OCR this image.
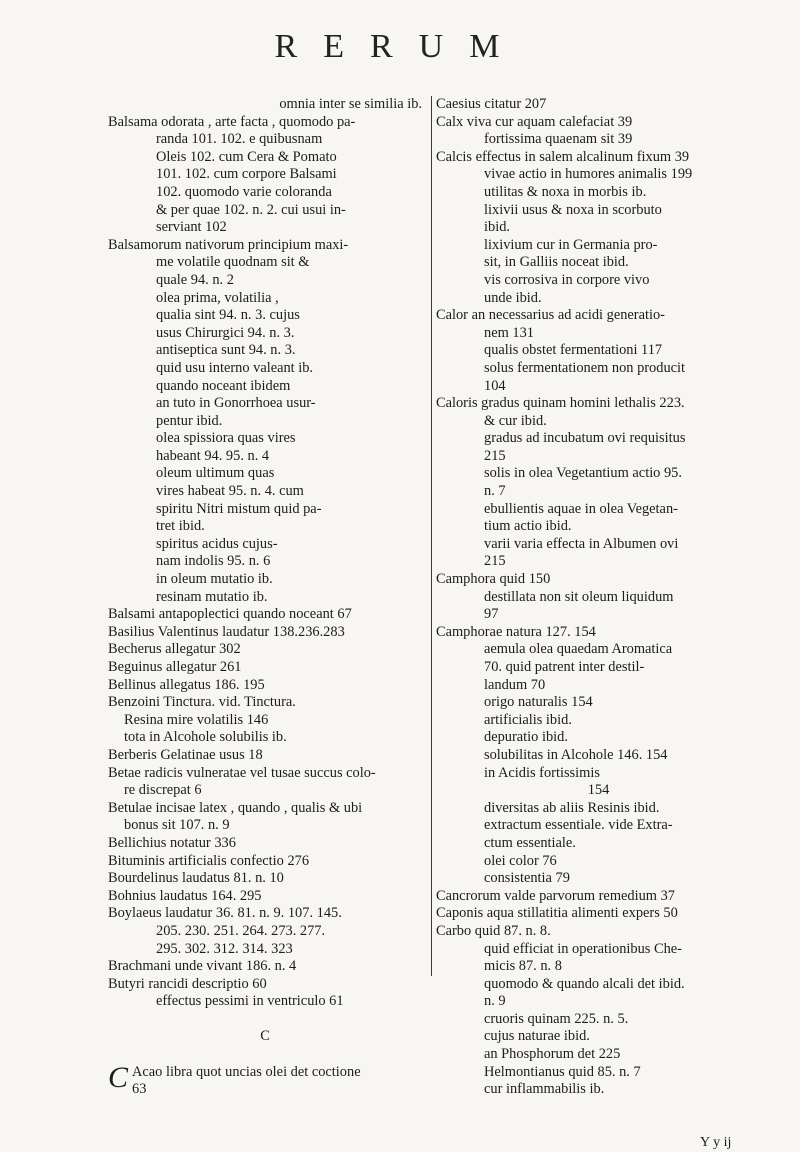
RERUM
omnia inter se similia ib.
Balsama odorata , arte facta , quomodo pa-
randa 101. 102. e quibusnam
Oleis 102. cum Cera & Pomato
101. 102. cum corpore Balsami
102. quomodo varie coloranda
& per quae 102. n. 2. cui usui in-
serviant 102
Balsamorum nativorum principium maxi-
me volatile quodnam sit &
quale 94. n. 2
olea prima, volatilia ,
qualia sint 94. n. 3. cujus
usus Chirurgici 94. n. 3.
antiseptica sunt 94. n. 3.
quid usu interno valeant ib.
quando noceant ibidem
an tuto in Gonorrhoea usur-
pentur ibid.
olea spissiora quas vires
habeant 94. 95. n. 4
oleum ultimum quas
vires habeat 95. n. 4. cum
spiritu Nitri mistum quid pa-
tret ibid.
spiritus acidus cujus-
nam indolis 95. n. 6
in oleum mutatio ib.
resinam mutatio ib.
Balsami antapoplectici quando noceant 67
Basilius Valentinus laudatur 138.236.283
Becherus allegatur 302
Beguinus allegatur 261
Bellinus allegatus 186. 195
Benzoini Tinctura. vid. Tinctura.
Resina mire volatilis 146
tota in Alcohole solubilis ib.
Berberis Gelatinae usus 18
Betae radicis vulneratae vel tusae succus colo-
re discrepat 6
Betulae incisae latex , quando , qualis & ubi
bonus sit 107. n. 9
Bellichius notatur 336
Bituminis artificialis confectio 276
Bourdelinus laudatus 81. n. 10
Bohnius laudatus 164. 295
Boylaeus laudatur 36. 81. n. 9. 107. 145.
205. 230. 251. 264. 273. 277.
295. 302. 312. 314. 323
Brachmani unde vivant 186. n. 4
Butyri rancidi descriptio 60
effectus pessimi in ventriculo 61

C

C Acao libra quot uncias olei det coctione
63
Caesius citatur 207
Calx viva cur aquam calefaciat 39
fortissima quaenam sit 39
Calcis effectus in salem alcalinum fixum 39
vivae actio in humores animalis 199
utilitas & noxa in morbis ib.
lixivii usus & noxa in scorbuto
ibid.
lixivium cur in Germania pro-
sit, in Galliis noceat ibid.
vis corrosiva in corpore vivo
unde ibid.
Calor an necessarius ad acidi generatio-
nem 131
qualis obstet fermentationi 117
solus fermentationem non producit
104
Caloris gradus quinam homini lethalis 223.
& cur ibid.
gradus ad incubatum ovi requisitus
215
solis in olea Vegetantium actio 95.
n. 7
ebullientis aquae in olea Vegetan-
tium actio ibid.
varii varia effecta in Albumen ovi
215
Camphora quid 150
destillata non sit oleum liquidum
97
Camphorae natura 127. 154
aemula olea quaedam Aromatica
70. quid patrent inter destil-
landum 70
origo naturalis 154
artificialis ibid.
depuratio ibid.
solubilitas in Alcohole 146. 154
in Acidis fortissimis
154
diversitas ab aliis Resinis ibid.
extractum essentiale. vide Extra-
ctum essentiale.
olei color 76
consistentia 79
Cancrorum valde parvorum remedium 37
Caponis aqua stillatitia alimenti expers 50
Carbo quid 87. n. 8.
quid efficiat in operationibus Che-
micis 87. n. 8
quomodo & quando alcali det ibid.
n. 9
cruoris quinam 225. n. 5.
cujus naturae ibid.
an Phosphorum det 225
Helmontianus quid 85. n. 7
cur inflammabilis ib.
Y y ij
